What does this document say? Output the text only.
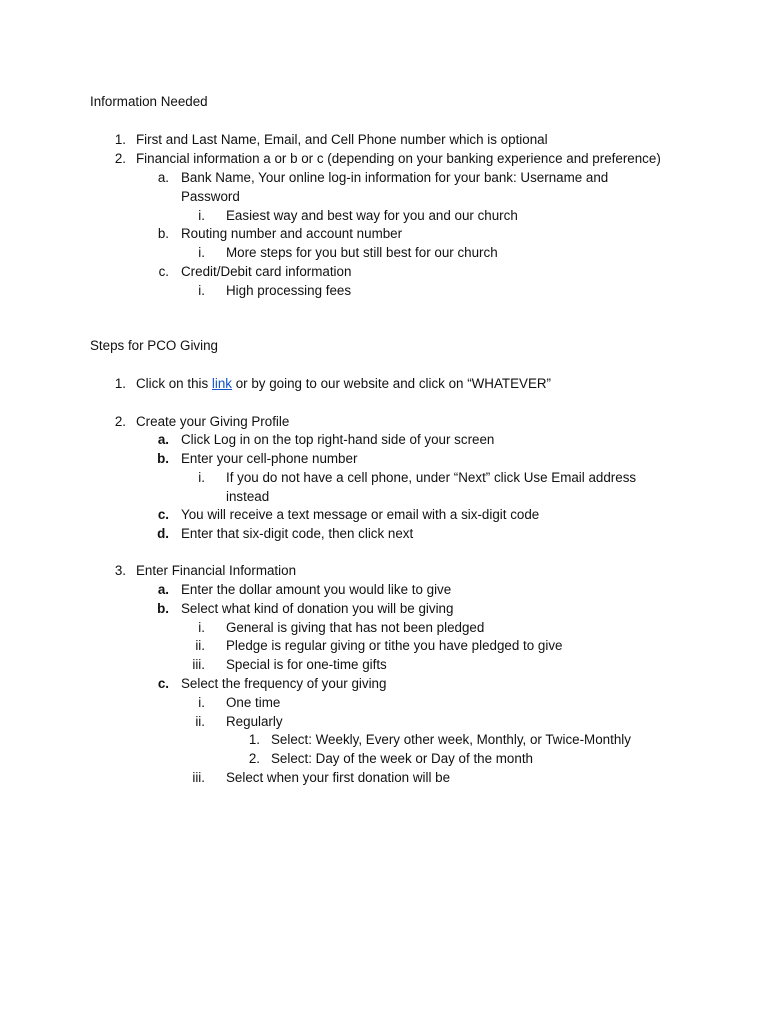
Information Needed
1. First and Last Name, Email, and Cell Phone number which is optional
2. Financial information a or b or c (depending on your banking experience and preference)
a. Bank Name, Your online log-in information for your bank: Username and
Password
i. Easiest way and best way for you and our church
b. Routing number and account number
i. More steps for you but still best for our church
c. Credit/Debit card information
i. High processing fees
Steps for PCO Giving
1. Click on this link or by going to our website and click on “WHATEVER”
2. Create your Giving Profile
a. Click Log in on the top right-hand side of your screen
b. Enter your cell-phone number
i. If you do not have a cell phone, under “Next” click Use Email address
instead
c. You will receive a text message or email with a six-digit code
d. Enter that six-digit code, then click next
3. Enter Financial Information
a. Enter the dollar amount you would like to give
b. Select what kind of donation you will be giving
i. General is giving that has not been pledged
ii. Pledge is regular giving or tithe you have pledged to give
iii. Special is for one-time gifts
c. Select the frequency of your giving
i. One time
ii. Regularly
1. Select: Weekly, Every other week, Monthly, or Twice-Monthly
2. Select: Day of the week or Day of the month
iii. Select when your first donation will be
